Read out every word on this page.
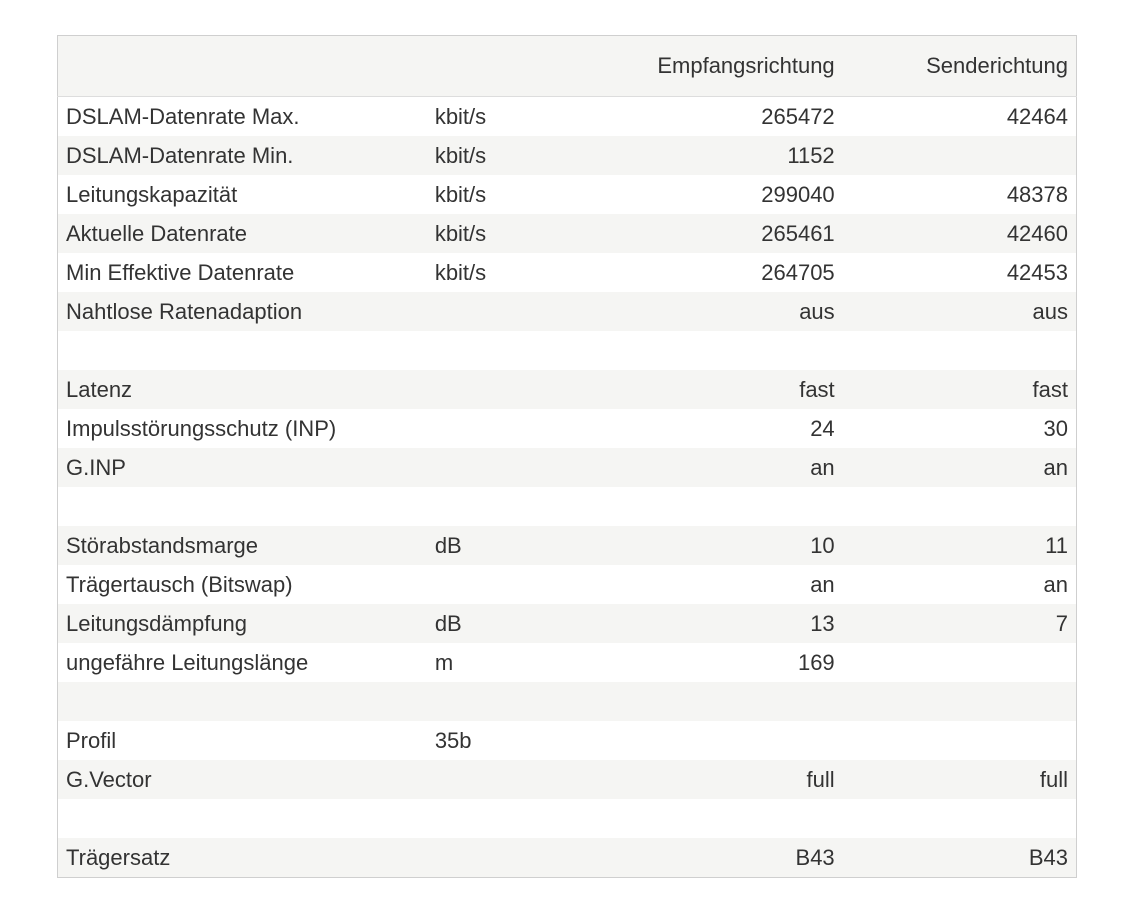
		Empfangsrichtung	Senderichtung
DSLAM-Datenrate Max.	kbit/s	265472	42464
DSLAM-Datenrate Min.	kbit/s	1152	
Leitungskapazität	kbit/s	299040	48378
Aktuelle Datenrate	kbit/s	265461	42460
Min Effektive Datenrate	kbit/s	264705	42453
Nahtlose Ratenadaption		aus	aus

Latenz		fast	fast
Impulsstörungsschutz (INP)		24	30
G.INP		an	an

Störabstandsmarge	dB	10	11
Trägertausch (Bitswap)		an	an
Leitungsdämpfung	dB	13	7
ungefähre Leitungslänge	m	169	

Profil	35b		
G.Vector		full	full

Trägersatz		B43	B43
